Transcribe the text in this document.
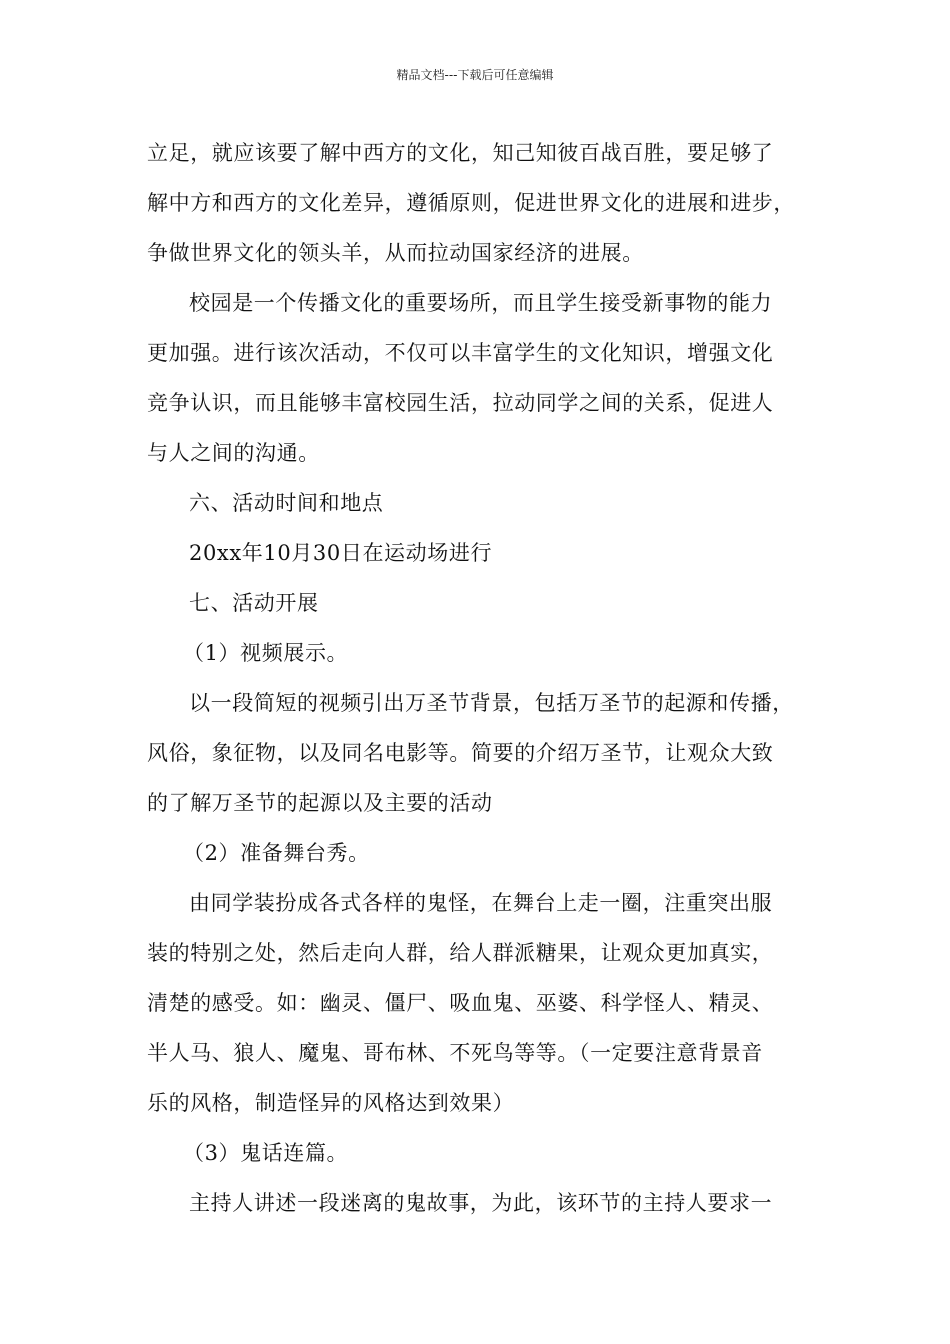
精品文档---下载后可任意编辑
立足，就应该要了解中西方的文化，知己知彼百战百胜，要足够了
解中方和西方的文化差异，遵循原则，促进世界文化的进展和进步，
争做世界文化的领头羊，从而拉动国家经济的进展。
校园是一个传播文化的重要场所，而且学生接受新事物的能力
更加强。进行该次活动，不仅可以丰富学生的文化知识，增强文化
竞争认识，而且能够丰富校园生活，拉动同学之间的关系，促进人
与人之间的沟通。
六、活动时间和地点
20xx年10月30日在运动场进行
七、活动开展
（1）视频展示。
以一段简短的视频引出万圣节背景，包括万圣节的起源和传播，
风俗，象征物，以及同名电影等。简要的介绍万圣节，让观众大致
的了解万圣节的起源以及主要的活动
（2）准备舞台秀。
由同学装扮成各式各样的鬼怪，在舞台上走一圈，注重突出服
装的特别之处，然后走向人群，给人群派糖果，让观众更加真实，
清楚的感受。如：幽灵、僵尸、吸血鬼、巫婆、科学怪人、精灵、
半人马、狼人、魔鬼、哥布林、不死鸟等等。（一定要注意背景音
乐的风格，制造怪异的风格达到效果）
（3）鬼话连篇。
主持人讲述一段迷离的鬼故事，为此，该环节的主持人要求一
